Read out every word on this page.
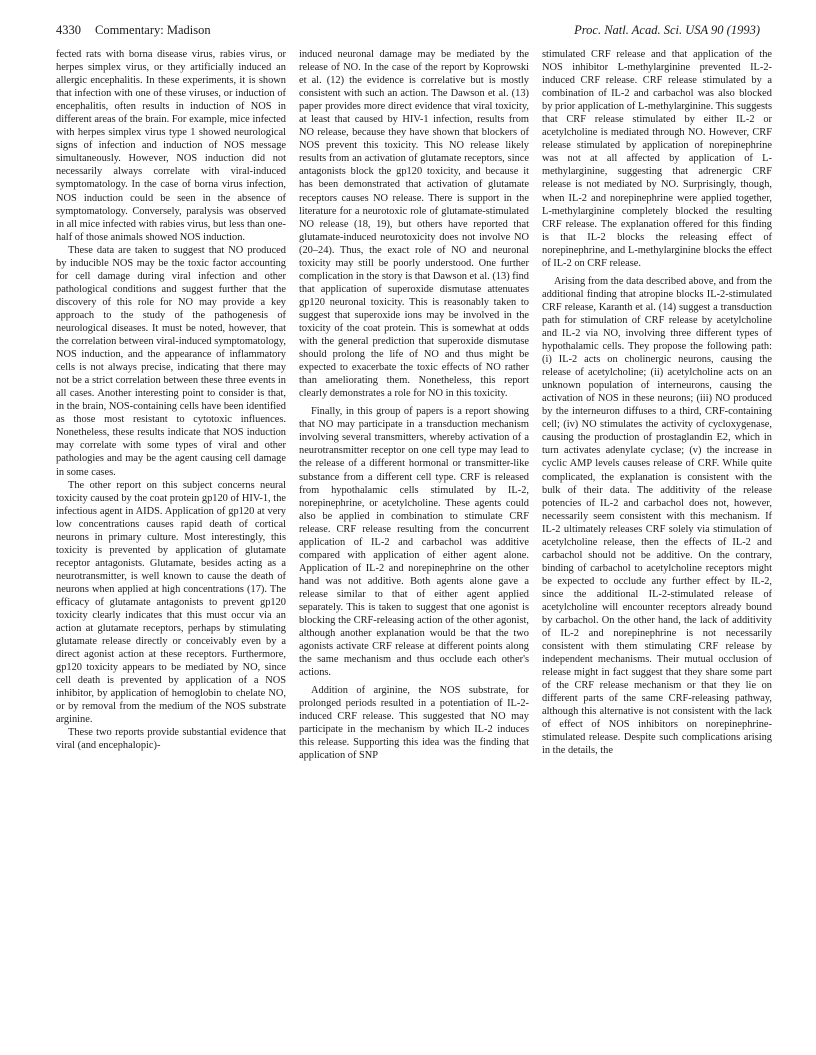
4330 Commentary: Madison	Proc. Natl. Acad. Sci. USA 90 (1993)

fected rats with borna disease virus, rabies virus, or herpes simplex virus, or they artificially induced an allergic encephalitis. In these experiments, it is shown that infection with one of these viruses, or induction of encephalitis, often results in induction of NOS in different areas of the brain. For example, mice infected with herpes simplex virus type 1 showed neurological signs of infection and induction of NOS message simultaneously. However, NOS induction did not necessarily always correlate with viral-induced symptomatology. In the case of borna virus infection, NOS induction could be seen in the absence of symptomatology. Conversely, paralysis was observed in all mice infected with rabies virus, but less than one-half of those animals showed NOS induction.

These data are taken to suggest that NO produced by inducible NOS may be the toxic factor accounting for cell damage during viral infection and other pathological conditions and suggest further that the discovery of this role for NO may provide a key approach to the study of the pathogenesis of neurological diseases. It must be noted, however, that the correlation between viral-induced symptomatology, NOS induction, and the appearance of inflammatory cells is not always precise, indicating that there may not be a strict correlation between these three events in all cases. Another interesting point to consider is that, in the brain, NOS-containing cells have been identified as those most resistant to cytotoxic influences. Nonetheless, these results indicate that NOS induction may correlate with some types of viral and other pathologies and may be the agent causing cell damage in some cases.

The other report on this subject concerns neural toxicity caused by the coat protein gp120 of HIV-1, the infectious agent in AIDS. Application of gp120 at very low concentrations causes rapid death of cortical neurons in primary culture. Most interestingly, this toxicity is prevented by application of glutamate receptor antagonists. Glutamate, besides acting as a neurotransmitter, is well known to cause the death of neurons when applied at high concentrations (17). The efficacy of glutamate antagonists to prevent gp120 toxicity clearly indicates that this must occur via an action at glutamate receptors, perhaps by stimulating glutamate release directly or conceivably even by a direct agonist action at these receptors. Furthermore, gp120 toxicity appears to be mediated by NO, since cell death is prevented by application of a NOS inhibitor, by application of hemoglobin to chelate NO, or by removal from the medium of the NOS substrate arginine.

These two reports provide substantial evidence that viral (and encephalopic)-

induced neuronal damage may be mediated by the release of NO. In the case of the report by Koprowski et al. (12) the evidence is correlative but is mostly consistent with such an action. The Dawson et al. (13) paper provides more direct evidence that viral toxicity, at least that caused by HIV-1 infection, results from NO release, because they have shown that blockers of NOS prevent this toxicity. This NO release likely results from an activation of glutamate receptors, since antagonists block the gp120 toxicity, and because it has been demonstrated that activation of glutamate receptors causes NO release. There is support in the literature for a neurotoxic role of glutamate-stimulated NO release (18, 19), but others have reported that glutamate-induced neurotoxicity does not involve NO (20–24). Thus, the exact role of NO and neuronal toxicity may still be poorly understood. One further complication in the story is that Dawson et al. (13) find that application of superoxide dismutase attenuates gp120 neuronal toxicity. This is reasonably taken to suggest that superoxide ions may be involved in the toxicity of the coat protein. This is somewhat at odds with the general prediction that superoxide dismutase should prolong the life of NO and thus might be expected to exacerbate the toxic effects of NO rather than ameliorating them. Nonetheless, this report clearly demonstrates a role for NO in this toxicity.

Finally, in this group of papers is a report showing that NO may participate in a transduction mechanism involving several transmitters, whereby activation of a neurotransmitter receptor on one cell type may lead to the release of a different hormonal or transmitter-like substance from a different cell type. CRF is released from hypothalamic cells stimulated by IL-2, norepinephrine, or acetylcholine. These agents could also be applied in combination to stimulate CRF release. CRF release resulting from the concurrent application of IL-2 and carbachol was additive compared with application of either agent alone. Application of IL-2 and norepinephrine on the other hand was not additive. Both agents alone gave a release similar to that of either agent applied separately. This is taken to suggest that one agonist is blocking the CRF-releasing action of the other agonist, although another explanation would be that the two agonists activate CRF release at different points along the same mechanism and thus occlude each other's actions.

Addition of arginine, the NOS substrate, for prolonged periods resulted in a potentiation of IL-2-induced CRF release. This suggested that NO may participate in the mechanism by which IL-2 induces this release. Supporting this idea was the finding that application of SNP

stimulated CRF release and that application of the NOS inhibitor L-methylarginine prevented IL-2-induced CRF release. CRF release stimulated by a combination of IL-2 and carbachol was also blocked by prior application of L-methylarginine. This suggests that CRF release stimulated by either IL-2 or acetylcholine is mediated through NO. However, CRF release stimulated by application of norepinephrine was not at all affected by application of L-methylarginine, suggesting that adrenergic CRF release is not mediated by NO. Surprisingly, though, when IL-2 and norepinephrine were applied together, L-methylarginine completely blocked the resulting CRF release. The explanation offered for this finding is that IL-2 blocks the releasing effect of norepinephrine, and L-methylarginine blocks the effect of IL-2 on CRF release.

Arising from the data described above, and from the additional finding that atropine blocks IL-2-stimulated CRF release, Karanth et al. (14) suggest a transduction path for stimulation of CRF release by acetylcholine and IL-2 via NO, involving three different types of hypothalamic cells. They propose the following path: (i) IL-2 acts on cholinergic neurons, causing the release of acetylcholine; (ii) acetylcholine acts on an unknown population of interneurons, causing the activation of NOS in these neurons; (iii) NO produced by the interneuron diffuses to a third, CRF-containing cell; (iv) NO stimulates the activity of cycloxygenase, causing the production of prostaglandin E2, which in turn activates adenylate cyclase; (v) the increase in cyclic AMP levels causes release of CRF. While quite complicated, the explanation is consistent with the bulk of their data. The additivity of the release potencies of IL-2 and carbachol does not, however, necessarily seem consistent with this mechanism. If IL-2 ultimately releases CRF solely via stimulation of acetylcholine release, then the effects of IL-2 and carbachol should not be additive. On the contrary, binding of carbachol to acetylcholine receptors might be expected to occlude any further effect by IL-2, since the additional IL-2-stimulated release of acetylcholine will encounter receptors already bound by carbachol. On the other hand, the lack of additivity of IL-2 and norepinephrine is not necessarily consistent with them stimulating CRF release by independent mechanisms. Their mutual occlusion of release might in fact suggest that they share some part of the CRF release mechanism or that they lie on different parts of the same CRF-releasing pathway, although this alternative is not consistent with the lack of effect of NOS inhibitors on norepinephrine-stimulated release. Despite such complications arising in the details, the
